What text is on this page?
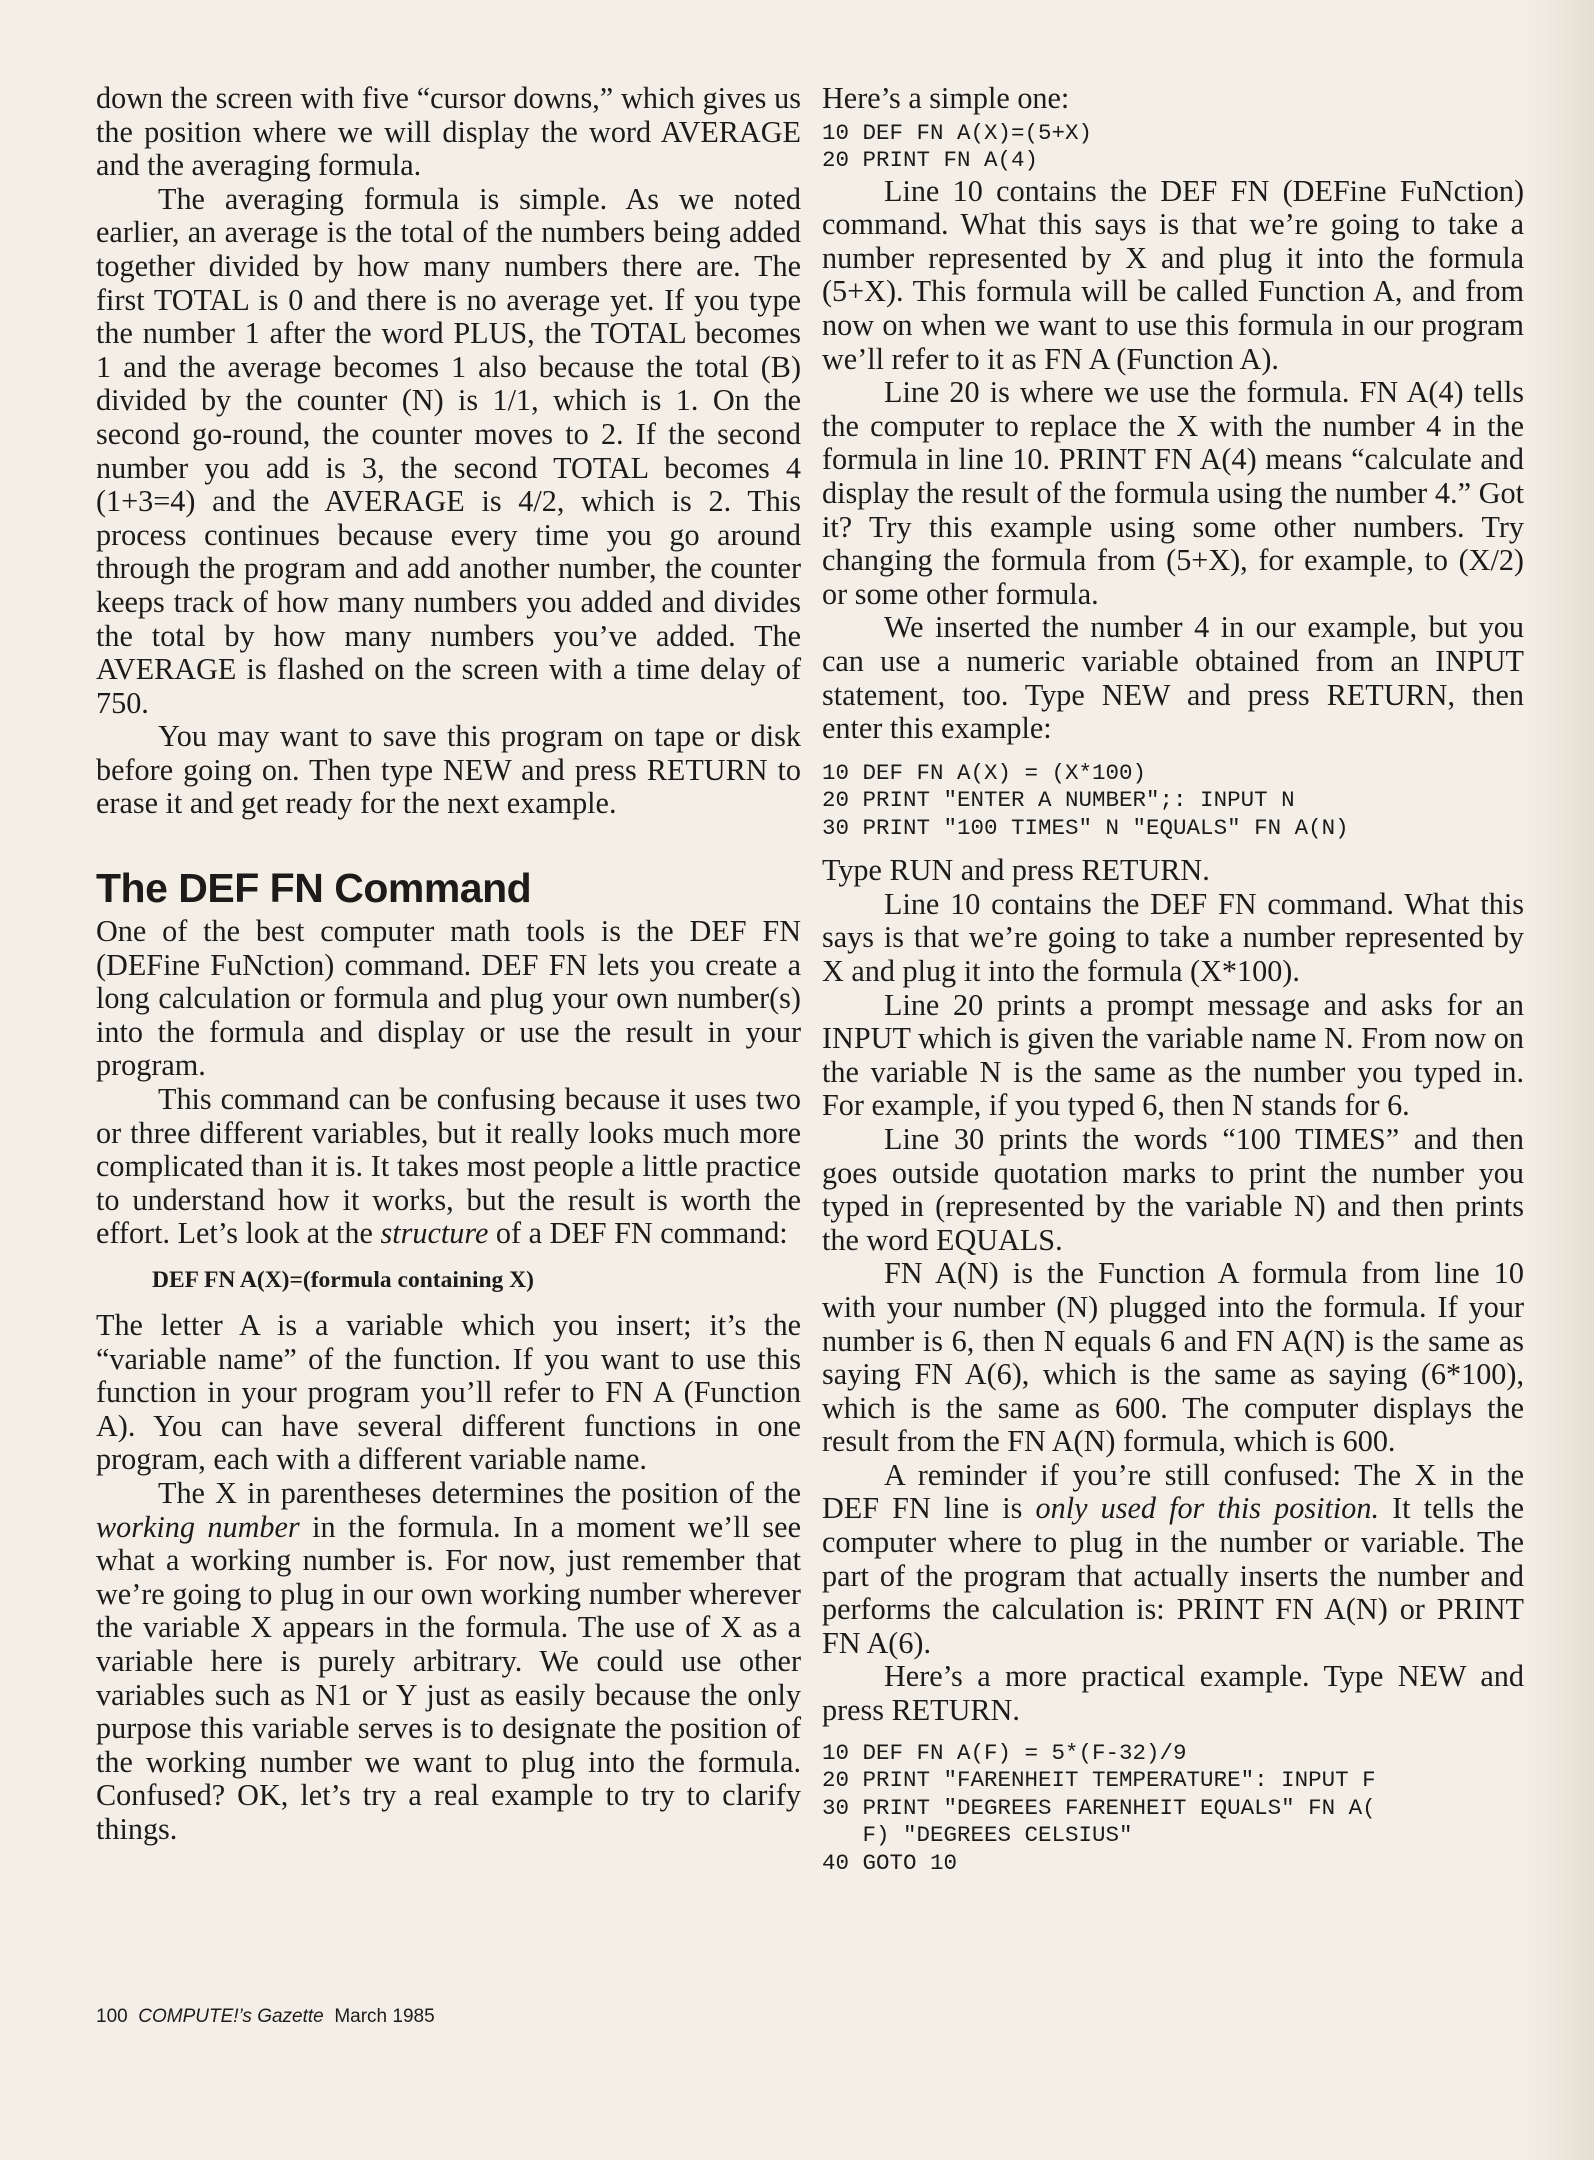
down the screen with five “cursor downs,” which gives us the position where we will display the word AVERAGE and the averaging formula.

The averaging formula is simple. As we noted earlier, an average is the total of the numbers being added together divided by how many numbers there are. The first TOTAL is 0 and there is no average yet. If you type the number 1 after the word PLUS, the TOTAL becomes 1 and the average becomes 1 also because the total (B) divided by the counter (N) is 1/1, which is 1. On the second go-round, the counter moves to 2. If the second number you add is 3, the second TOTAL becomes 4 (1+3=4) and the AVERAGE is 4/2, which is 2. This process continues because every time you go around through the program and add another number, the counter keeps track of how many numbers you added and divides the total by how many numbers you’ve added. The AVERAGE is flashed on the screen with a time delay of 750.

You may want to save this program on tape or disk before going on. Then type NEW and press RETURN to erase it and get ready for the next example.

The DEF FN Command

One of the best computer math tools is the DEF FN (DEFine FuNction) command. DEF FN lets you create a long calculation or formula and plug your own number(s) into the formula and display or use the result in your program.

This command can be confusing because it uses two or three different variables, but it really looks much more complicated than it is. It takes most people a little practice to understand how it works, but the result is worth the effort. Let’s look at the structure of a DEF FN command:

DEF FN A(X)=(formula containing X)

The letter A is a variable which you insert; it’s the “variable name” of the function. If you want to use this function in your program you’ll refer to FN A (Function A). You can have several different functions in one program, each with a different variable name.

The X in parentheses determines the position of the working number in the formula. In a moment we’ll see what a working number is. For now, just remember that we’re going to plug in our own working number wherever the variable X appears in the formula. The use of X as a variable here is purely arbitrary. We could use other variables such as N1 or Y just as easily because the only purpose this variable serves is to designate the position of the working number we want to plug into the formula. Confused? OK, let’s try a real example to try to clarify things.

Here’s a simple one:

10 DEF FN A(X)=(5+X)
20 PRINT FN A(4)

Line 10 contains the DEF FN (DEFine FuNction) command. What this says is that we’re going to take a number represented by X and plug it into the formula (5+X). This formula will be called Function A, and from now on when we want to use this formula in our program we’ll refer to it as FN A (Function A).

Line 20 is where we use the formula. FN A(4) tells the computer to replace the X with the number 4 in the formula in line 10. PRINT FN A(4) means “calculate and display the result of the formula using the number 4.” Got it? Try this example using some other numbers. Try changing the formula from (5+X), for example, to (X/2) or some other formula.

We inserted the number 4 in our example, but you can use a numeric variable obtained from an INPUT statement, too. Type NEW and press RETURN, then enter this example:

10 DEF FN A(X) = (X*100)
20 PRINT "ENTER A NUMBER";: INPUT N
30 PRINT "100 TIMES" N "EQUALS" FN A(N)

Type RUN and press RETURN.

Line 10 contains the DEF FN command. What this says is that we’re going to take a number represented by X and plug it into the formula (X*100).

Line 20 prints a prompt message and asks for an INPUT which is given the variable name N. From now on the variable N is the same as the number you typed in. For example, if you typed 6, then N stands for 6.

Line 30 prints the words “100 TIMES” and then goes outside quotation marks to print the number you typed in (represented by the variable N) and then prints the word EQUALS.

FN A(N) is the Function A formula from line 10 with your number (N) plugged into the formula. If your number is 6, then N equals 6 and FN A(N) is the same as saying FN A(6), which is the same as saying (6*100), which is the same as 600. The computer displays the result from the FN A(N) formula, which is 600.

A reminder if you’re still confused: The X in the DEF FN line is only used for this position. It tells the computer where to plug in the number or variable. The part of the program that actually inserts the number and performs the calculation is: PRINT FN A(N) or PRINT FN A(6).

Here’s a more practical example. Type NEW and press RETURN.

10 DEF FN A(F) = 5*(F-32)/9
20 PRINT "FARENHEIT TEMPERATURE": INPUT F
30 PRINT "DEGREES FARENHEIT EQUALS" FN A(
F) "DEGREES CELSIUS"
40 GOTO 10
100 COMPUTE!’s Gazette March 1985
